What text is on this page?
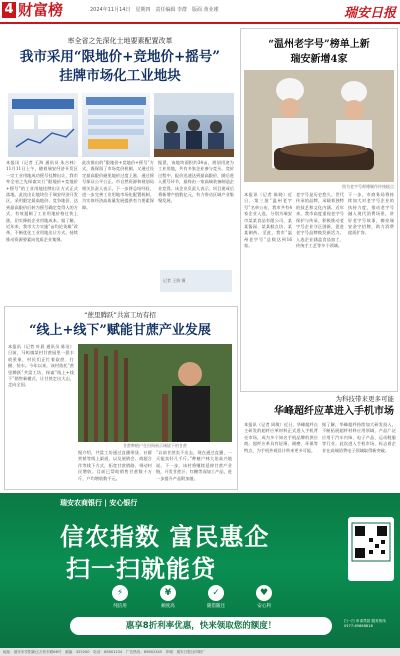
4 财富榜	2024年11月14日　星期四　责任编辑 李群　版面 黄业瑾	瑞安日报
率全省之先深化土地要素配置改革
我市采用“限地价+竞地价+摇号”
挂牌市场化工业地块
本报讯（记者 王海 通讯员 朱吉林）11月11日上午，随着瑞安经济开发区一宗工业用地成功摇号挂牌出让，我市率全省之先探索实行“限地价+竞地价+摇号”的工业用地挂牌出让方式正式落地。此次出让地块位于瑞安经济开发区，采用限定最高地价、竞争地价，达到最高限价后转为摇号确定竞得人的方式，有效遏制了工业用地价格过快上涨，切实降低企业用地成本。据了解，近年来，我市大力实施“亩均论英雄”改革，不断优化工业用地出让方式，持续推动资源要素向优质企业集聚。
此次推出的“限地价+竞地价+摇号”方式，既保留了市场竞价机制，又通过设定最高限价避免地价过度上涨，通过摇号保证公平公正。市自然资源和规划局相关负责人表示，下一步将总结经验，进一步完善工业用地市场化配置机制，为实体经济高质量发展提供有力要素保障。
据悉，该地块面积约34亩，规划用途为工业用地，共有多家企业参与竞买。竞价过程中，报价迅速达到最高限价，随后进入摇号环节，最终由一家高端装备制造企业竞得。该企业负责人表示，项目建成后将新增产值数亿元，有力带动区域产业集聚发展。
记者 王海 摄
“温州老字号”榜单上新
瑞安新增4家
图为老字号师傅制作传统糕点
本报讯（记者 陈晓）近日，第三批“温州老字号”名单公布，我市共有4家企业入选，分别为瑞安市某某食品有限公司、某某酱园、某某糕点坊、某某制药。至此，我市“温州老字号”总数达到16家。
老字号是历史悠久、世代传承的品牌，承载着独特的技艺和文化内涵。近年来，我市高度重视老字号保护与传承，积极推动老字号企业守正创新，促进老字号品牌焕发新活力。入选企业涵盖食品加工、传统手工艺等多个领域。
下一步，市商务局将持续加大对老字号企业的扶持力度，推动老字号融入现代消费场景，讲好老字号故事，擦亮瑞安金字招牌，助力消费提质扩容。
“蔗里腾跃”共富工坊有招
“线上+线下”赋能甘蔗产业发展
本报讯（记者 叶晨 通讯员 陈洁）日前，马屿镇某村甘蔗园里一派丰收景象，村民们正忙着砍蔗、打捆、装车。今年以来，该村依托“蔗里腾跃”共富工坊，探索“线上+线下”销售新模式，让甘蔗走出大山，走向全国。
甘蔗种植户在田间展示刚砍下的甘蔗
据介绍，共富工坊通过直播带货、社群营销等线上渠道，以及展销会、商超合作等线下方式，拓宽甘蔗销路，带动村民增收。目前已帮助销售甘蔗数十万斤，户均增收数千元。
“以前甘蔗卖不出去，现在通过直播，一天能卖好几千斤。”种植户林大伯高兴地说。下一步，该村将继续延伸甘蔗产业链，开发甘蔗汁、红糖等深加工产品，进一步提升产品附加值。
为科技带来更多可能
华峰超纤应革进入手机市场
本报讯（记者 周敏）近日，华峰超纤自主研发的超纤应革材料正式进入手机背壳市场，成为多个知名手机品牌的供应商。超纤应革具有轻薄、耐磨、环保等特点，为手机外观设计带来更多可能。
据了解，华峰超纤持续加大研发投入，不断拓展超纤材料应用领域，产品广泛应用于汽车内饰、电子产品、运动鞋服等行业。此次进入手机市场，标志着企业在高端消费电子领域取得新突破。
瑞安农商银行 | 安心银行
信农指数 富民惠企
扫一扫就能贷
⚡
纯信用
¥
额度高
✓
随借随还
♥
安心利
惠享8折利率优惠，快来领取您的额度！	扫一扫 申请贷款 服务热线 0577-65668818
地址：瑞安市安阳新区万松东路66号　邮编：325200　电话：65801234　广告热线：65802345　印刷：瑞安日报社印刷厂
